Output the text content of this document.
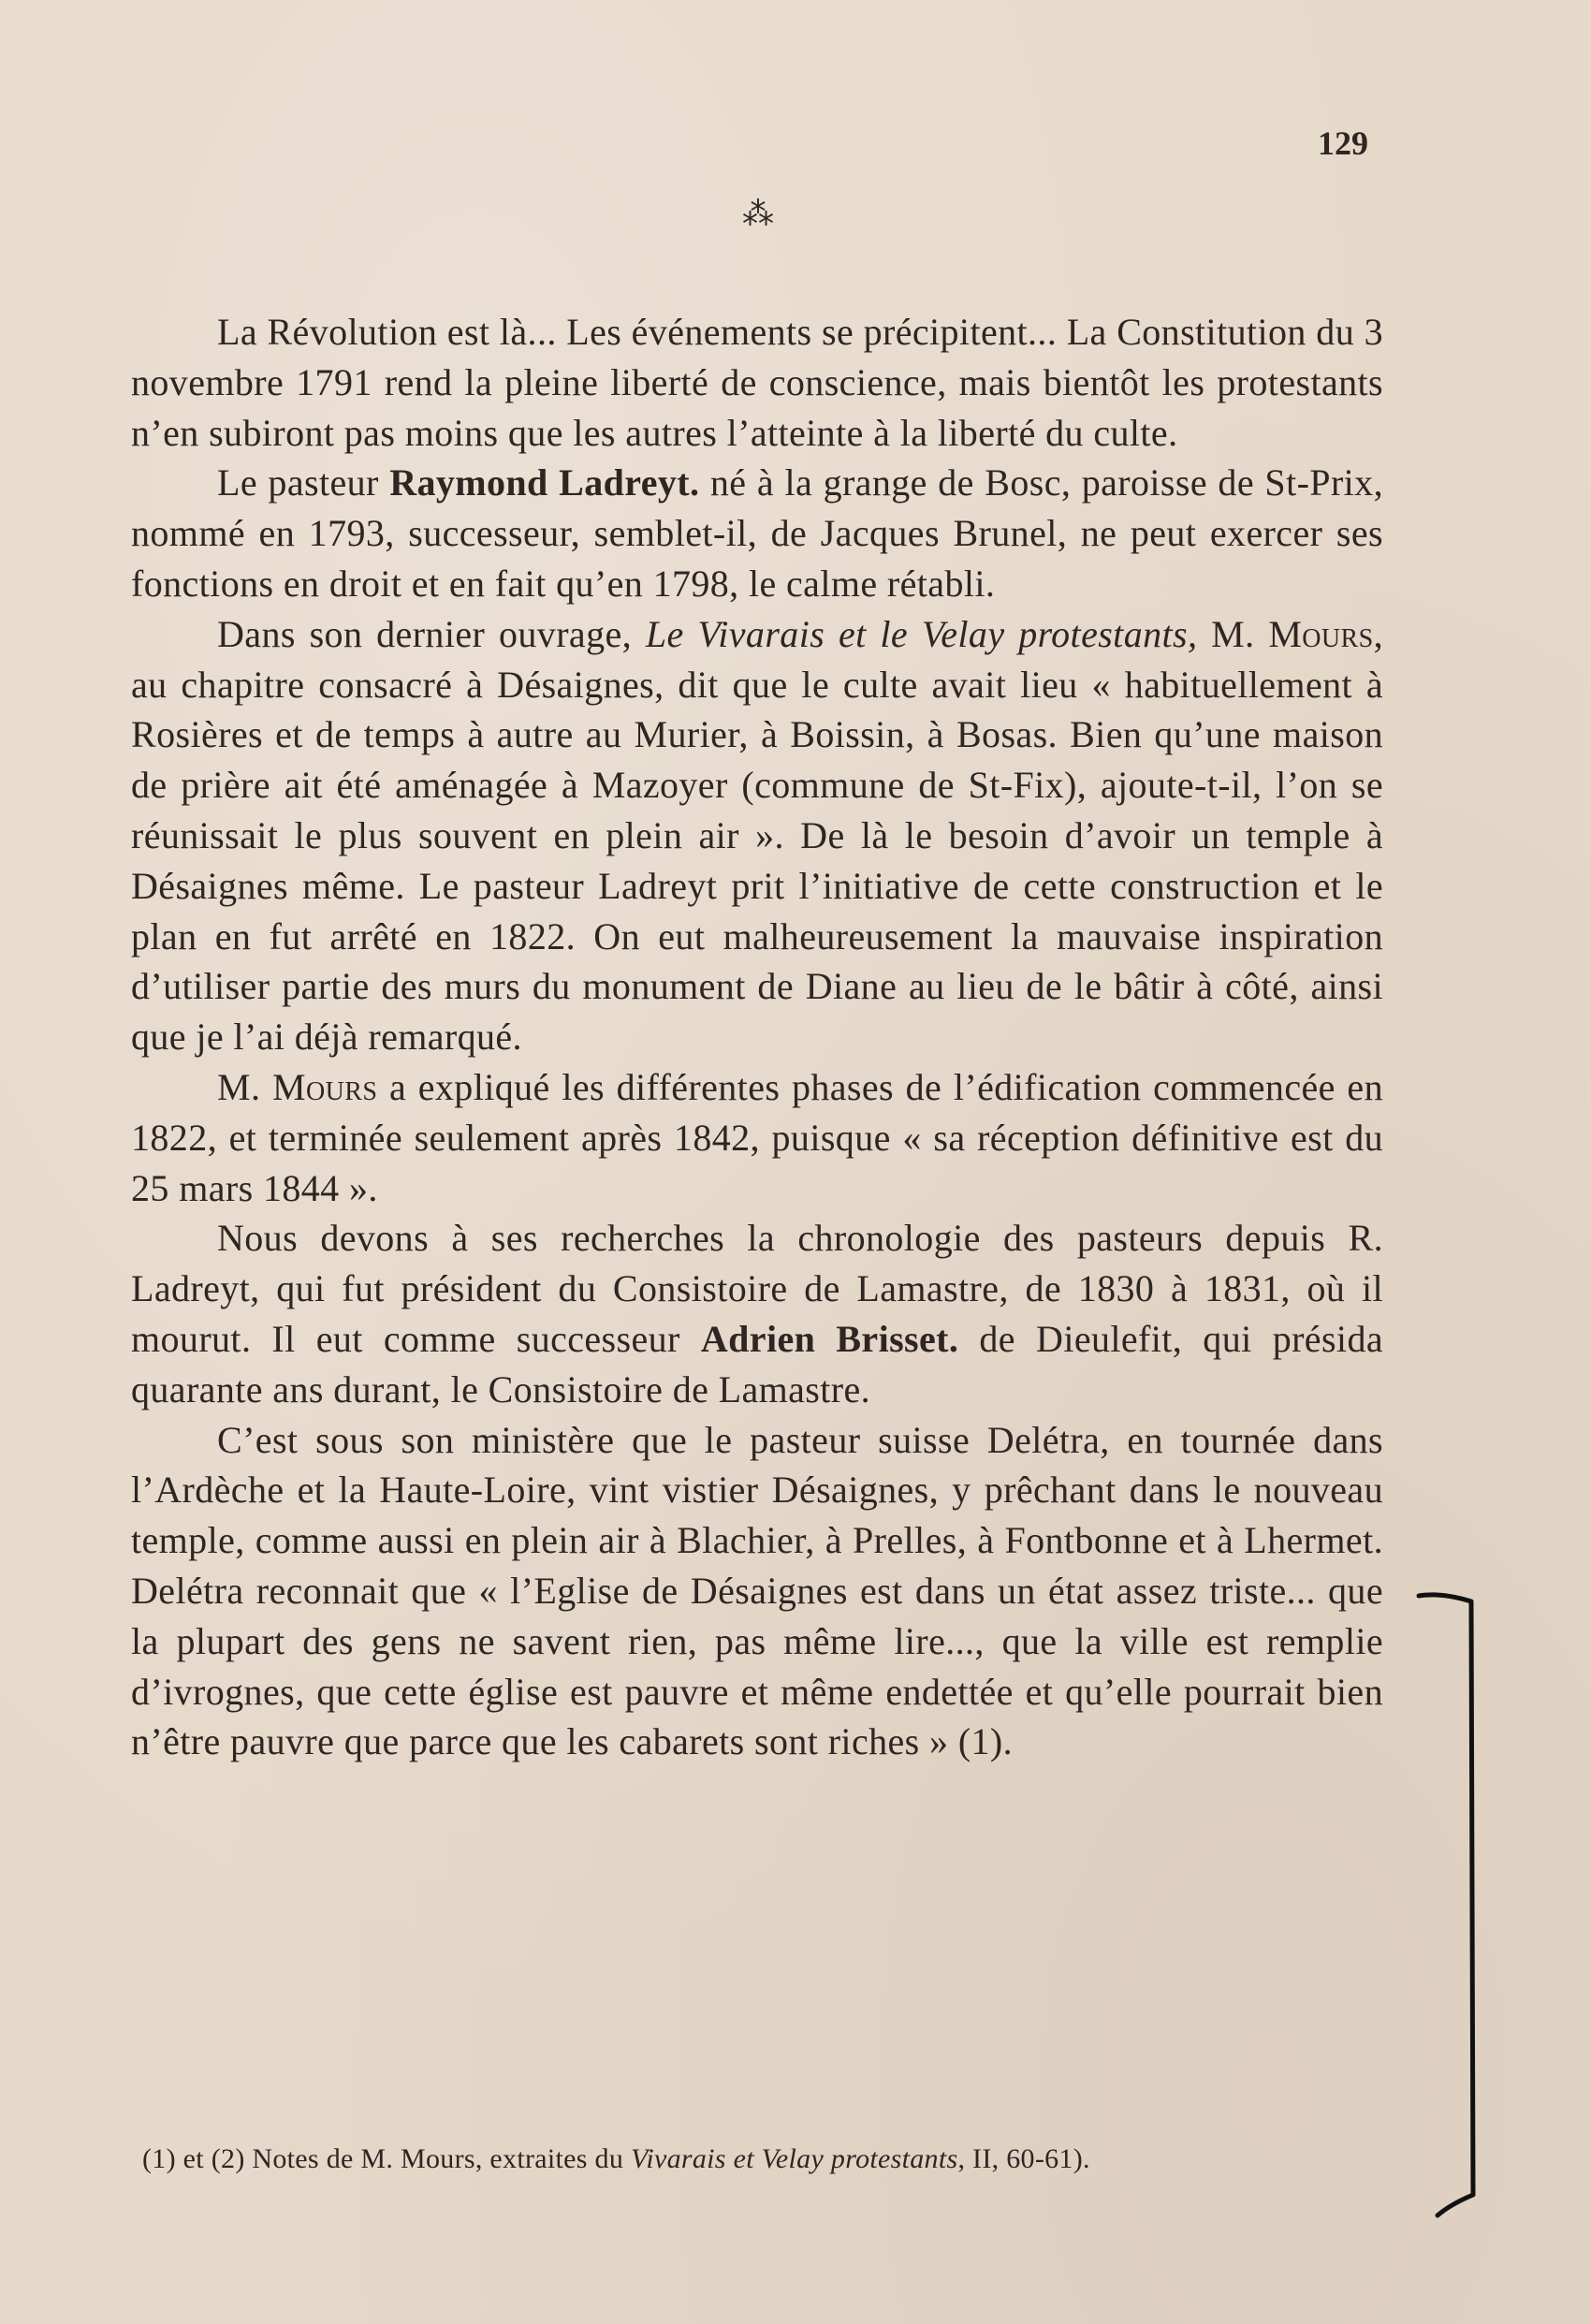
129
⁂

La Révolution est là... Les événements se précipitent... La Constitution du 3 novembre 1791 rend la pleine liberté de conscience, mais bientôt les protestants n’en subiront pas moins que les autres l’atteinte à la liberté du culte.

Le pasteur Raymond Ladreyt. né à la grange de Bosc, paroisse de St-Prix, nommé en 1793, successeur, semblet-il, de Jacques Brunel, ne peut exercer ses fonctions en droit et en fait qu’en 1798, le calme rétabli.

Dans son dernier ouvrage, Le Vivarais et le Velay protestants, M. Mours, au chapitre consacré à Désaignes, dit que le culte avait lieu « habituellement à Rosières et de temps à autre au Murier, à Boissin, à Bosas. Bien qu’une maison de prière ait été aménagée à Mazoyer (commune de St-Fix), ajoute-t-il, l’on se réunissait le plus souvent en plein air ». De là le besoin d’avoir un temple à Désaignes même. Le pasteur Ladreyt prit l’initiative de cette construction et le plan en fut arrêté en 1822. On eut malheureusement la mauvaise inspiration d’utiliser partie des murs du monument de Diane au lieu de le bâtir à côté, ainsi que je l’ai déjà remarqué.

M. Mours a expliqué les différentes phases de l’édification commencée en 1822, et terminée seulement après 1842, puisque « sa réception définitive est du 25 mars 1844 ».

Nous devons à ses recherches la chronologie des pasteurs depuis R. Ladreyt, qui fut président du Consistoire de Lamastre, de 1830 à 1831, où il mourut. Il eut comme successeur Adrien Brisset. de Dieulefit, qui présida quarante ans durant, le Consistoire de Lamastre.

C’est sous son ministère que le pasteur suisse Delétra, en tournée dans l’Ardèche et la Haute-Loire, vint vistier Désaignes, y prêchant dans le nouveau temple, comme aussi en plein air à Blachier, à Prelles, à Fontbonne et à Lhermet. Delétra reconnait que « l’Eglise de Désaignes est dans un état assez triste... que la plupart des gens ne savent rien, pas même lire..., que la ville est remplie d’ivrognes, que cette église est pauvre et même endettée et qu’elle pourrait bien n’être pauvre que parce que les cabarets sont riches » (1).

(1) et (2) Notes de M. Mours, extraites du Vivarais et Velay protestants, II, 60-61).
